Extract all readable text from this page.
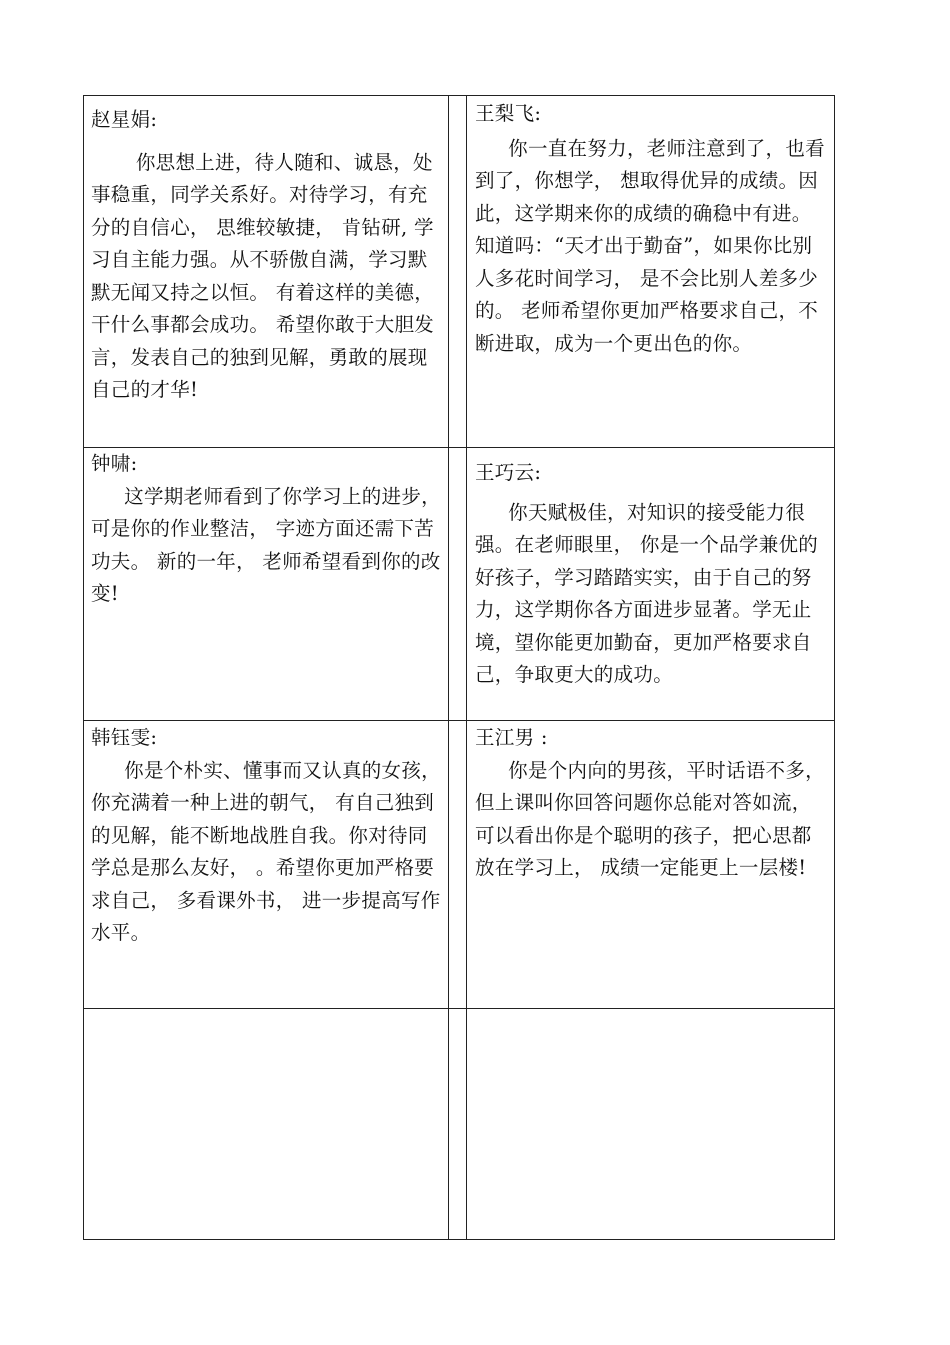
赵星娟:
你思想上进，待人随和、诚恳，处事稳重，同学关系好。对待学习，有充分的自信心， 思维较敏捷， 肯钻研, 学习自主能力强。从不骄傲自满，学习默默无闻又持之以恒。 有着这样的美德，干什么事都会成功。 希望你敢于大胆发言，发表自己的独到见解，勇敢的展现自己的才华!
王梨飞:
你一直在努力，老师注意到了，也看到了，你想学， 想取得优异的成绩。因此，这学期来你的成绩的确稳中有进。知道吗：“天才出于勤奋”，如果你比别人多花时间学习， 是不会比别人差多少的。 老师希望你更加严格要求自己，不断进取，成为一个更出色的你。
钟啸:
这学期老师看到了你学习上的进步，可是你的作业整洁， 字迹方面还需下苦功夫。 新的一年， 老师希望看到你的改变!
王巧云:
你天赋极佳，对知识的接受能力很强。在老师眼里， 你是一个品学兼优的好孩子，学习踏踏实实，由于自己的努力，这学期你各方面进步显著。学无止境，望你能更加勤奋，更加严格要求自己，争取更大的成功。
韩钰雯:
你是个朴实、懂事而又认真的女孩，你充满着一种上进的朝气， 有自己独到的见解，能不断地战胜自我。你对待同学总是那么友好， 。希望你更加严格要求自己， 多看课外书， 进一步提高写作水平。
王江男 :
你是个内向的男孩，平时话语不多，但上课叫你回答问题你总能对答如流，可以看出你是个聪明的孩子，把心思都放在学习上， 成绩一定能更上一层楼!
